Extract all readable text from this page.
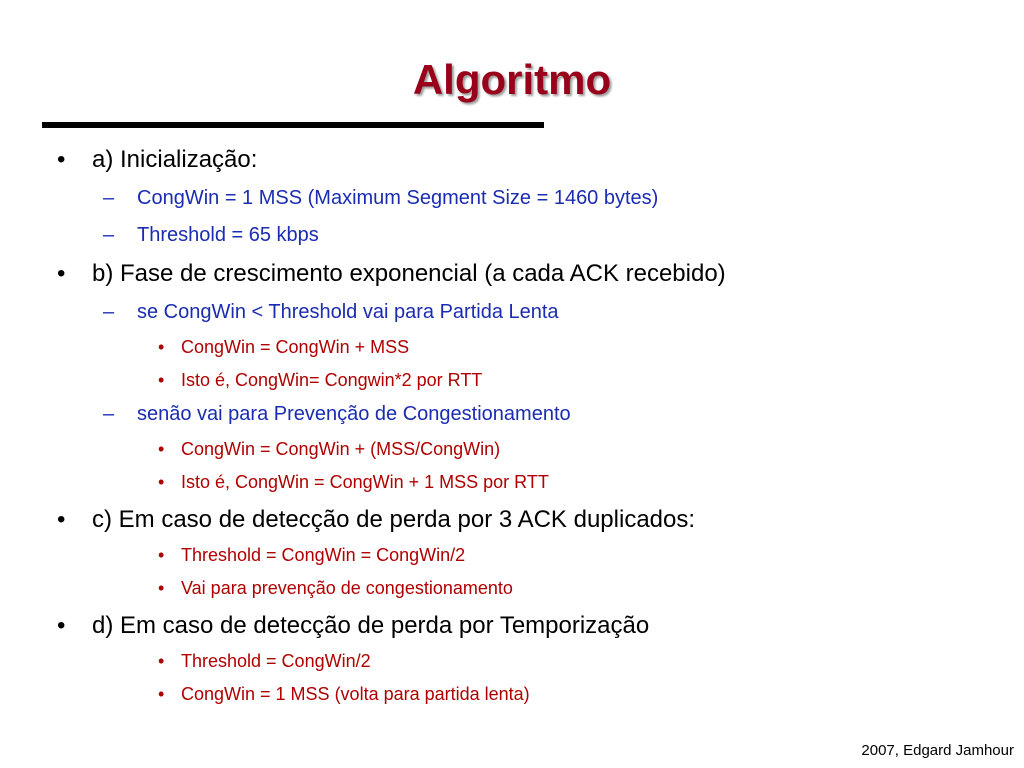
Algoritmo
• a) Inicialização:
– CongWin = 1 MSS (Maximum Segment Size = 1460 bytes)
– Threshold = 65 kbps
• b) Fase de crescimento exponencial (a cada ACK recebido)
– se CongWin < Threshold vai para Partida Lenta
• CongWin = CongWin + MSS
• Isto é, CongWin= Congwin*2 por RTT
– senão vai para Prevenção de Congestionamento
• CongWin = CongWin + (MSS/CongWin)
• Isto é, CongWin = CongWin + 1 MSS por RTT
• c) Em caso de detecção de perda por 3 ACK duplicados:
• Threshold = CongWin = CongWin/2
• Vai para prevenção de congestionamento
• d) Em caso de detecção de perda por Temporização
• Threshold = CongWin/2
• CongWin = 1 MSS (volta para partida lenta)
2007, Edgard Jamhour
